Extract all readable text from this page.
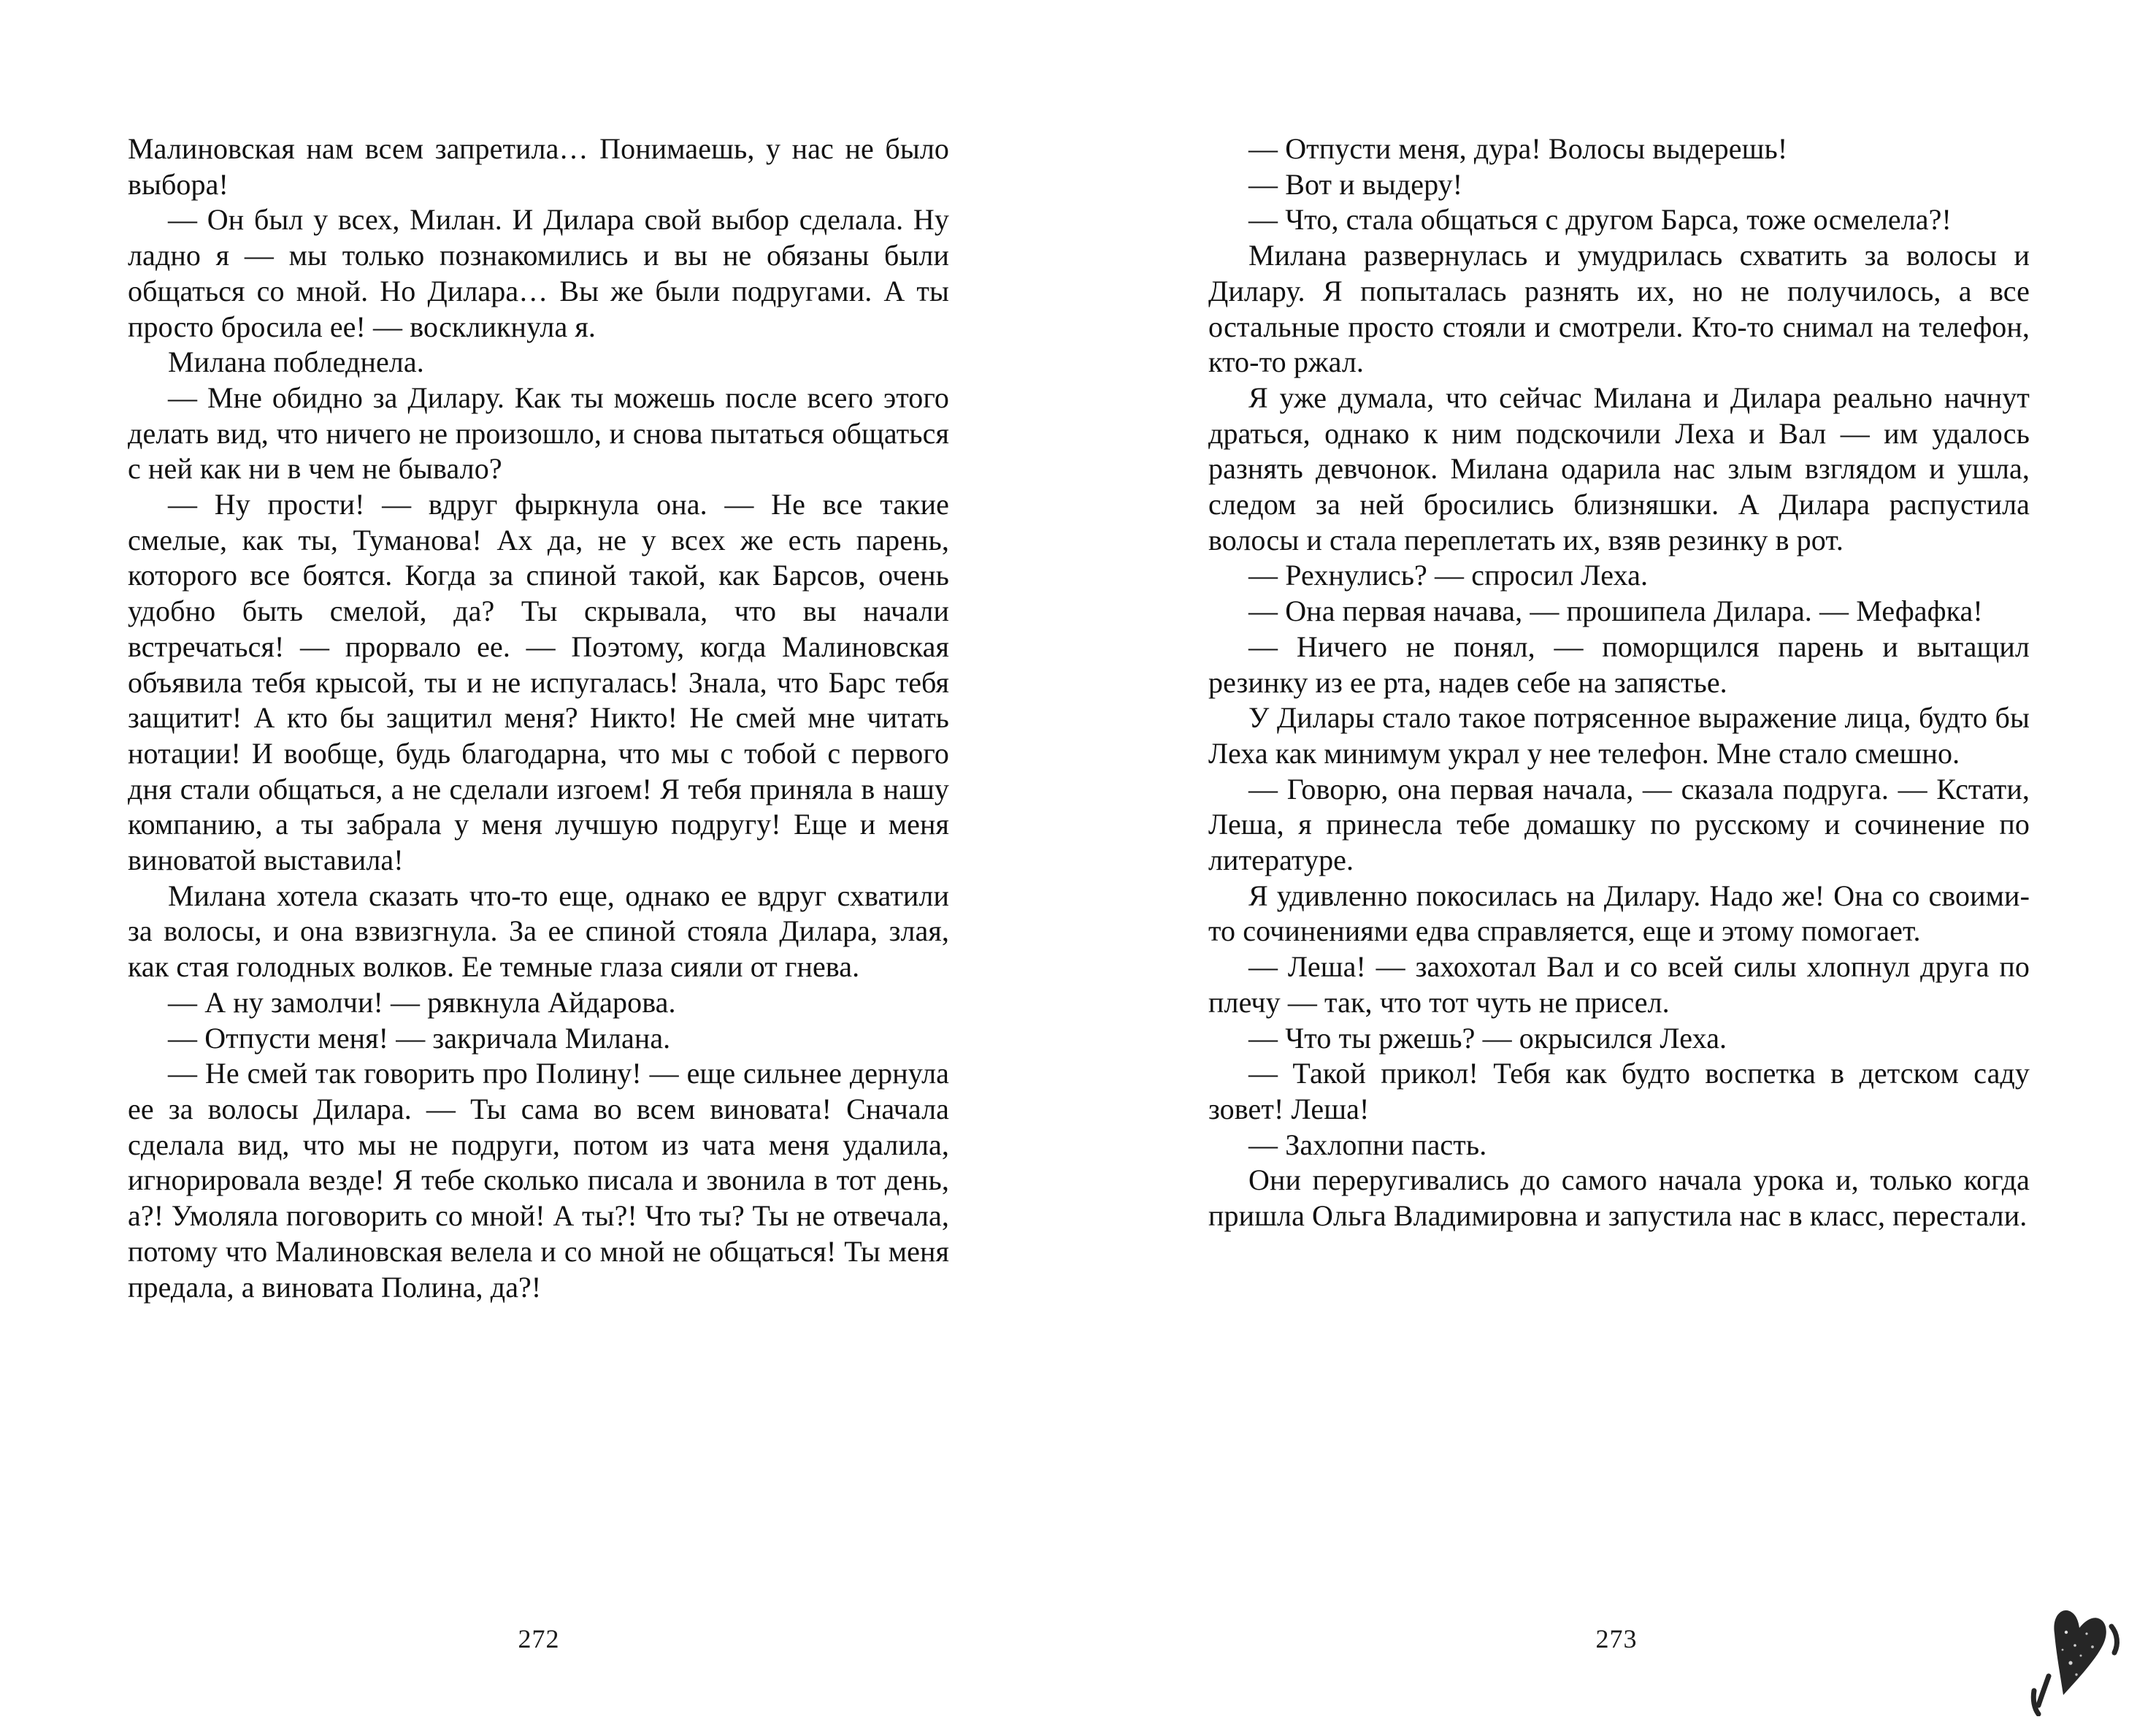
Малиновская нам всем запретила… Понимаешь, у нас не было выбора!

— Он был у всех, Милан. И Дилара свой выбор сделала. Ну ладно я — мы только познакомились и вы не обязаны были общаться со мной. Но Дилара… Вы же были подругами. А ты просто бросила ее! — воскликнула я.

Милана побледнела.

— Мне обидно за Дилару. Как ты можешь после всего этого делать вид, что ничего не произошло, и снова пытаться общаться с ней как ни в чем не бывало?

— Ну прости! — вдруг фыркнула она. — Не все такие смелые, как ты, Туманова! Ах да, не у всех же есть парень, которого все боятся. Когда за спиной такой, как Барсов, очень удобно быть смелой, да? Ты скрывала, что вы начали встречаться! — прорвало ее. — Поэтому, когда Малиновская объявила тебя крысой, ты и не испугалась! Знала, что Барс тебя защитит! А кто бы защитил меня? Никто! Не смей мне читать нотации! И вообще, будь благодарна, что мы с тобой с первого дня стали общаться, а не сделали изгоем! Я тебя приняла в нашу компанию, а ты забрала у меня лучшую подругу! Еще и меня виноватой выставила!

Милана хотела сказать что-то еще, однако ее вдруг схватили за волосы, и она взвизгнула. За ее спиной стояла Дилара, злая, как стая голодных волков. Ее темные глаза сияли от гнева.

— А ну замолчи! — рявкнула Айдарова.

— Отпусти меня! — закричала Милана.

— Не смей так говорить про Полину! — еще сильнее дернула ее за волосы Дилара. — Ты сама во всем виновата! Сначала сделала вид, что мы не подруги, потом из чата меня удалила, игнорировала везде! Я тебе сколько писала и звонила в тот день, а?! Умоляла поговорить со мной! А ты?! Что ты? Ты не отвечала, потому что Малиновская велела и со мной не общаться! Ты меня предала, а виновата Полина, да?!

272

— Отпусти меня, дура! Волосы выдерешь!

— Вот и выдеру!

— Что, стала общаться с другом Барса, тоже осмелела?!

Милана развернулась и умудрилась схватить за волосы и Дилару. Я попыталась разнять их, но не получилось, а все остальные просто стояли и смотрели. Кто-то снимал на телефон, кто-то ржал.

Я уже думала, что сейчас Милана и Дилара реально начнут драться, однако к ним подскочили Леха и Вал — им удалось разнять девчонок. Милана одарила нас злым взглядом и ушла, следом за ней бросились близняшки. А Дилара распустила волосы и стала переплетать их, взяв резинку в рот.

— Рехнулись? — спросил Леха.

— Она первая начава, — прошипела Дилара. — Мефафка!

— Ничего не понял, — поморщился парень и вытащил резинку из ее рта, надев себе на запястье.

У Дилары стало такое потрясенное выражение лица, будто бы Леха как минимум украл у нее телефон. Мне стало смешно.

— Говорю, она первая начала, — сказала подруга. — Кстати, Леша, я принесла тебе домашку по русскому и сочинение по литературе.

Я удивленно покосилась на Дилару. Надо же! Она со своими-то сочинениями едва справляется, еще и этому помогает.

— Леша! — захохотал Вал и со всей силы хлопнул друга по плечу — так, что тот чуть не присел.

— Что ты ржешь? — окрысился Леха.

— Такой прикол! Тебя как будто воспетка в детском саду зовет! Леша!

— Захлопни пасть.

Они переругивались до самого начала урока и, только когда пришла Ольга Владимировна и запустила нас в класс, перестали.

273
